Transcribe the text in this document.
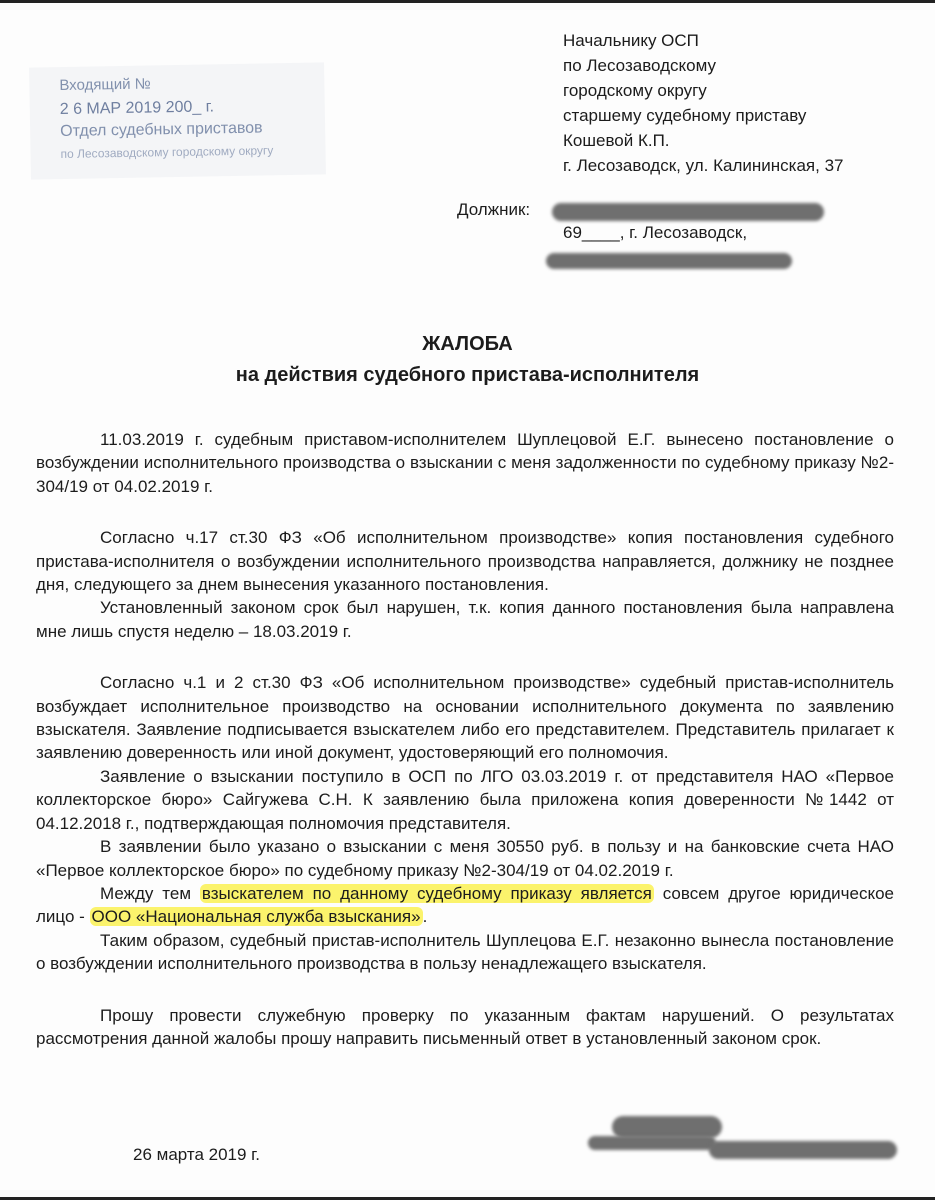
Входящий №
2 6 МАР 2019 200_ г.
Отдел судебных приставов
по Лесозаводскому городскому округу
Начальнику ОСП
по Лесозаводскому
городскому округу
старшему судебному приставу
Кошевой К.П.
г. Лесозаводск, ул. Калининская, 37
Должник:
69____, г. Лесозаводск,
ЖАЛОБА
на действия судебного пристава-исполнителя

11.03.2019 г. судебным приставом-исполнителем Шуплецовой Е.Г. вынесено постановление о возбуждении исполнительного производства о взыскании с меня задолженности по судебному приказу №2-304/19 от 04.02.2019 г.

Согласно ч.17 ст.30 ФЗ «Об исполнительном производстве» копия постановления судебного пристава-исполнителя о возбуждении исполнительного производства направляется, должнику не позднее дня, следующего за днем вынесения указанного постановления.

Установленный законом срок был нарушен, т.к. копия данного постановления была направлена мне лишь спустя неделю – 18.03.2019 г.

Согласно ч.1 и 2 ст.30 ФЗ «Об исполнительном производстве» судебный пристав-исполнитель возбуждает исполнительное производство на основании исполнительного документа по заявлению взыскателя. Заявление подписывается взыскателем либо его представителем. Представитель прилагает к заявлению доверенность или иной документ, удостоверяющий его полномочия.

Заявление о взыскании поступило в ОСП по ЛГО 03.03.2019 г. от представителя НАО «Первое коллекторское бюро» Сайгужева С.Н. К заявлению была приложена копия доверенности №1442 от 04.12.2018 г., подтверждающая полномочия представителя.

В заявлении было указано о взыскании с меня 30550 руб. в пользу и на банковские счета НАО «Первое коллекторское бюро» по судебному приказу №2-304/19 от 04.02.2019 г.

Между тем взыскателем по данному судебному приказу является совсем другое юридическое лицо - ООО «Национальная служба взыскания» .

Таким образом, судебный пристав-исполнитель Шуплецова Е.Г. незаконно вынесла постановление о возбуждении исполнительного производства в пользу ненадлежащего взыскателя.

Прошу провести служебную проверку по указанным фактам нарушений. О результатах рассмотрения данной жалобы прошу направить письменный ответ в установленный законом срок.

26 марта 2019 г.
